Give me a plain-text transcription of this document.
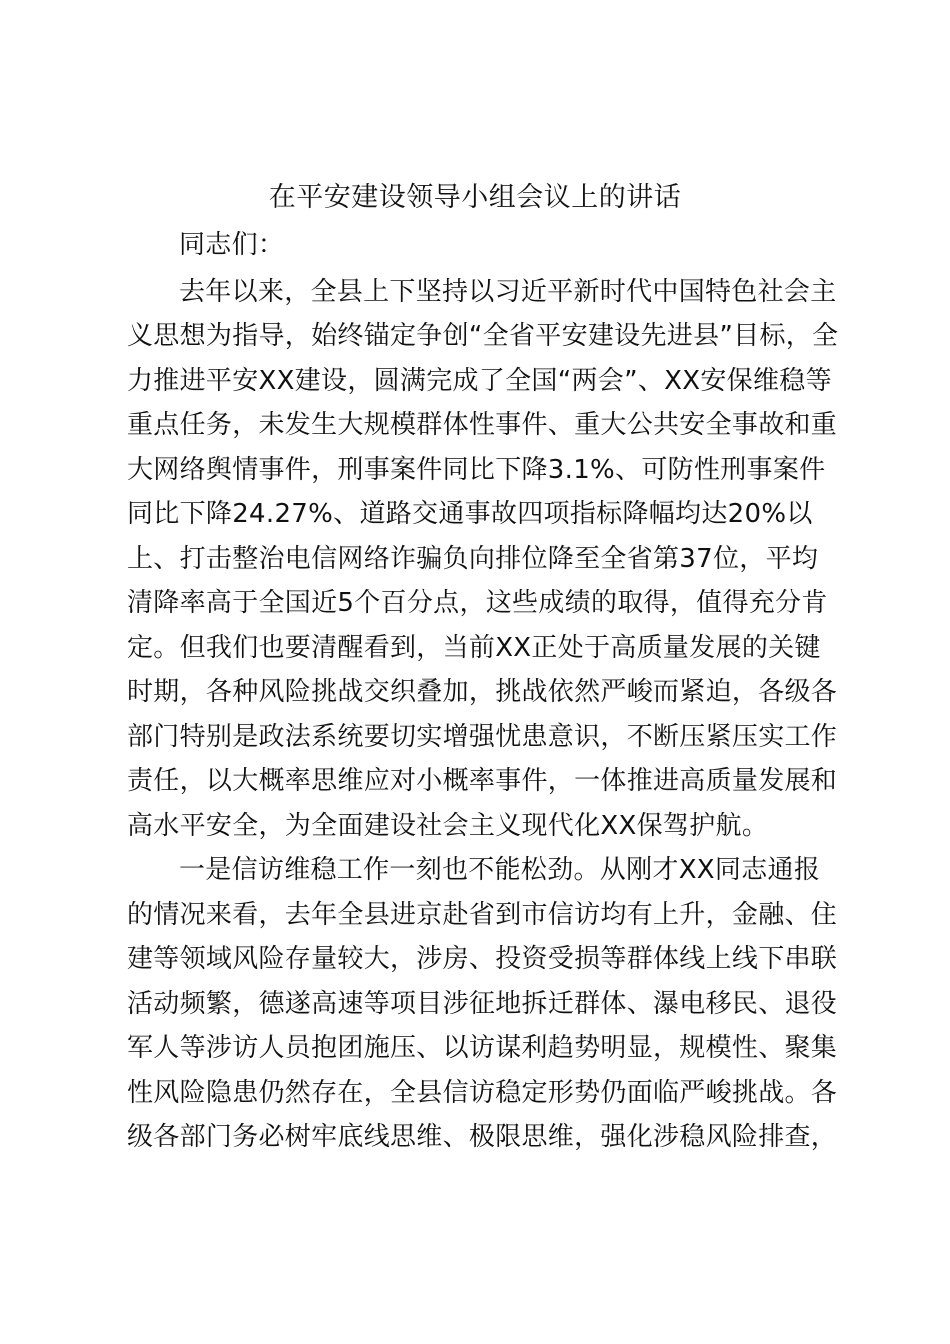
在平安建设领导小组会议上的讲话

同志们：

去年以来，全县上下坚持以习近平新时代中国特色社会主

义思想为指导，始终锚定争创“全省平安建设先进县”目标，全

力推进平安XX建设，圆满完成了全国“两会”、XX安保维稳等

重点任务，未发生大规模群体性事件、重大公共安全事故和重

大网络舆情事件，刑事案件同比下降3.1%、可防性刑事案件

同比下降24.27%、道路交通事故四项指标降幅均达20%以

上、打击整治电信网络诈骗负向排位降至全省第37位，平均

清降率高于全国近5个百分点，这些成绩的取得，值得充分肯

定。但我们也要清醒看到，当前XX正处于高质量发展的关键

时期，各种风险挑战交织叠加，挑战依然严峻而紧迫，各级各

部门特别是政法系统要切实增强忧患意识，不断压紧压实工作

责任，以大概率思维应对小概率事件，一体推进高质量发展和

高水平安全，为全面建设社会主义现代化XX保驾护航。

一是信访维稳工作一刻也不能松劲。从刚才XX同志通报

的情况来看，去年全县进京赴省到市信访均有上升，金融、住

建等领域风险存量较大，涉房、投资受损等群体线上线下串联

活动频繁，德遂高速等项目涉征地拆迁群体、瀑电移民、退役

军人等涉访人员抱团施压、以访谋利趋势明显，规模性、聚集

性风险隐患仍然存在，全县信访稳定形势仍面临严峻挑战。各

级各部门务必树牢底线思维、极限思维，强化涉稳风险排查，
